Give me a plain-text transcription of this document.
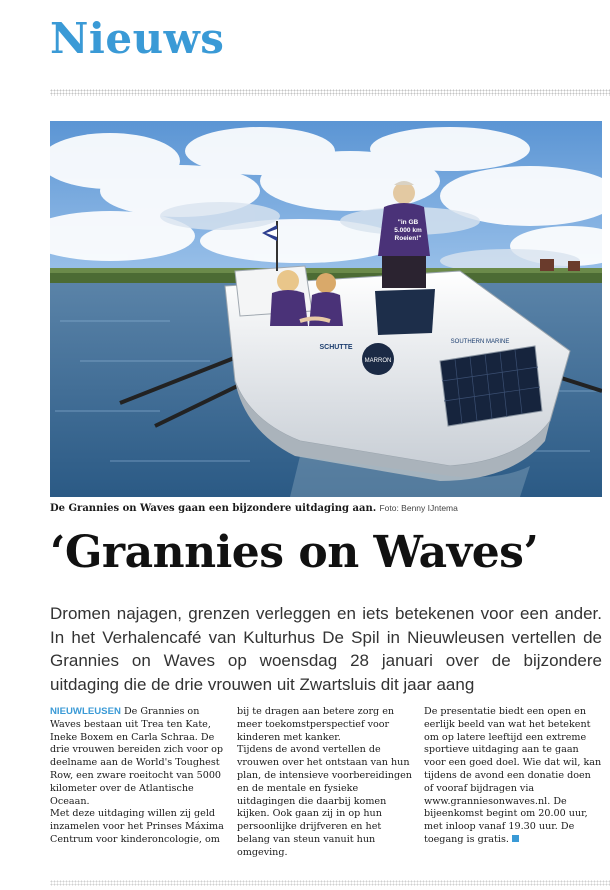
Nieuws
MARRON
SCHUTTE
SOUTHERN MARINE
"in GB
5.000 km
Roeien!"
De Grannies on Waves gaan een bijzondere uitdaging aan. Foto: Benny IJntema
‘Grannies on Waves’

Dromen najagen, grenzen verleggen en iets betekenen voor een ander. In het Verhalencafé van Kulturhus De Spil in Nieuwleusen vertellen de Grannies on Waves op woensdag 28 januari over de bijzondere uitdaging die de drie vrouwen uit Zwartsluis dit jaar aang

NIEUWLEUSEN De Grannies on Waves bestaan uit Trea ten Kate, Ineke Boxem en Carla Schraa. De drie vrouwen bereiden zich voor op deelname aan de World's Toughest Row, een zware roeitocht van 5000 kilometer over de Atlantische Oceaan.
Met deze uitdaging willen zij geld inzamelen voor het Prinses Máxima Centrum voor kinderoncologie, om

bij te dragen aan betere zorg en meer toekomstperspectief voor kinderen met kanker.
Tijdens de avond vertellen de vrouwen over het ontstaan van hun plan, de intensieve voorbereidingen en de mentale en fysieke uitdagingen die daarbij komen kijken. Ook gaan zij in op hun persoonlijke drijfveren en het belang van steun vanuit hun omgeving.

De presentatie biedt een open en eerlijk beeld van wat het betekent om op latere leeftijd een extreme sportieve uitdaging aan te gaan voor een goed doel. Wie dat wil, kan tijdens de avond een donatie doen of vooraf bijdragen via www.granniesonwaves.nl. De bijeenkomst begint om 20.00 uur, met inloop vanaf 19.30 uur. De toegang is gratis.
